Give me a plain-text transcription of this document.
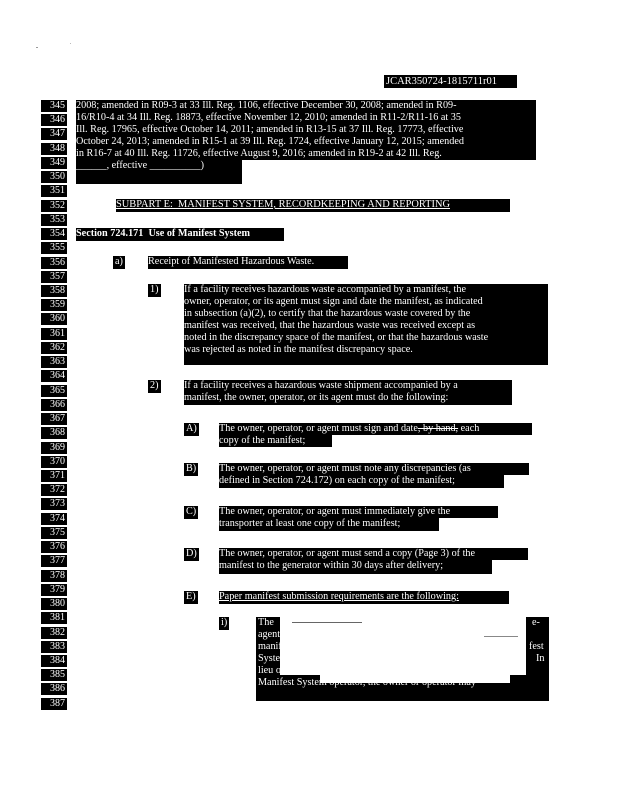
JCAR350724-1815711r01
345
346
347
348
349
350
351
352
353
354
355
356
357
358
359
360
361
362
363
364
365
366
367
368
369
370
371
372
373
374
375
376
377
378
379
380
381
382
383
384
385
386
387
2008; amended in R09-3 at 33 Ill. Reg. 1106, effective December 30, 2008; amended in R09-
16/R10-4 at 34 Ill. Reg. 18873, effective November 12, 2010; amended in R11-2/R11-16 at 35
Ill. Reg. 17965, effective October 14, 2011; amended in R13-15 at 37 Ill. Reg. 17773, effective
October 24, 2013; amended in R15-1 at 39 Ill. Reg. 1724, effective January 12, 2015; amended
in R16-7 at 40 Ill. Reg. 11726, effective August 9, 2016; amended in R19-2 at 42 Ill. Reg.
______, effective __________)
SUBPART E:  MANIFEST SYSTEM, RECORDKEEPING AND REPORTING
Section 724.171  Use of Manifest System
a) Receipt of Manifested Hazardous Waste.
1)	If a facility receives hazardous waste accompanied by a manifest, the
owner, operator, or its agent must sign and date the manifest, as indicated
in subsection (a)(2), to certify that the hazardous waste covered by the
manifest was received, that the hazardous waste was received except as
noted in the discrepancy space of the manifest, or that the hazardous waste
was rejected as noted in the manifest discrepancy space.
2)	If a facility receives a hazardous waste shipment accompanied by a
manifest, the owner, operator, or its agent must do the following:
A) The owner, operator, or agent must sign and date, by hand, each
copy of the manifest;
B) The owner, operator, or agent must note any discrepancies (as
defined in Section 724.172) on each copy of the manifest;
C) The owner, operator, or agent must immediately give the
transporter at least one copy of the manifest;
D) The owner, operator, or agent must send a copy (Page 3) of the
manifest to the generator within 30 days after delivery;
E) Paper manifest submission requirements are the following:
i)

	The

	e-

agent m

manifes

	fest

System

	In

lieu of submitting themailing this paper copy to the e-

Manifest System operator, the owner or operator may
